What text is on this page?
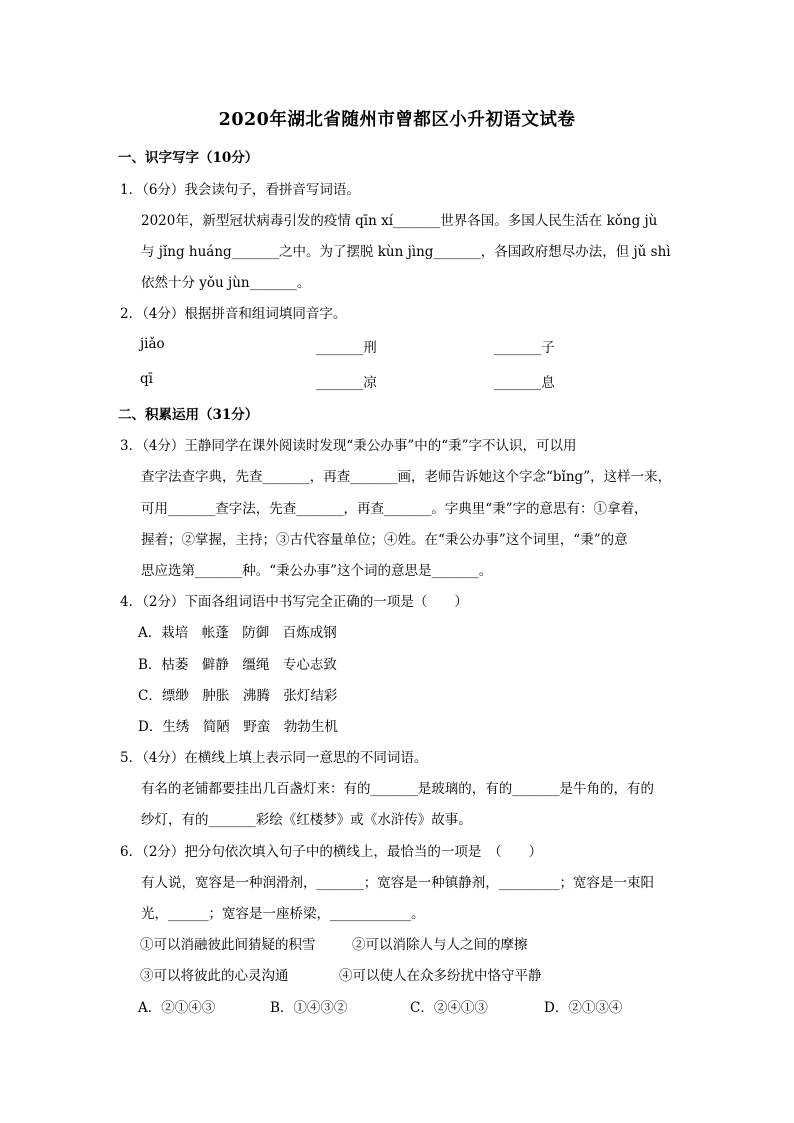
2020年湖北省随州市曾都区小升初语文试卷
一、识字写字（10分）
1．（6分）我会读句子，看拼音写词语。
2020年，新型冠状病毒引发的疫情 qīn xí_______世界各国。多国人民生活在 kǒng jù
与 jǐng huáng_______之中。为了摆脱 kùn jìng_______，各国政府想尽办法，但 jǔ shì
依然十分 yǒu jùn_______。
2．（4分）根据拼音和组词填同音字。
jiǎo	_______刑	_______子
qī	_______凉	_______息
二、积累运用（31分）
3．（4分）王静同学在课外阅读时发现“秉公办事”中的“秉”字不认识，可以用
查字法查字典，先查_______，再查_______画，老师告诉她这个字念“bǐng”，这样一来，
可用_______查字法，先查_______，再查_______。字典里“秉”字的意思有：①拿着，
握着；②掌握，主持；③古代容量单位；④姓。在“秉公办事”这个词里，“秉”的意
思应选第_______种。“秉公办事”这个词的意思是_______。
4．（2分）下面各组词语中书写完全正确的一项是（　　）
A．栽培　帐蓬　防御　百炼成钢
B．枯萎　僻静　缰绳　专心志致
C．缥缈　肿胀　沸腾　张灯结彩
D．生绣　简陋　野蛮　勃勃生机
5．（4分）在横线上填上表示同一意思的不同词语。
有名的老铺都要挂出几百盏灯来：有的_______是玻璃的，有的_______是牛角的，有的
纱灯，有的_______彩绘《红楼梦》或《水浒传》故事。
6．（2分）把分句依次填入句子中的横线上，最恰当的一项是　（　　）
有人说，宽容是一种润滑剂，_______；宽容是一种镇静剂，_________；宽容是一束阳
光，______；宽容是一座桥梁，____________。
①可以消融彼此间猜疑的积雪	②可以消除人与人之间的摩擦
③可以将彼此的心灵沟通	④可以使人在众多纷扰中恪守平静
A．②①④③	B．①④③②	C．②④①③	D．②①③④
